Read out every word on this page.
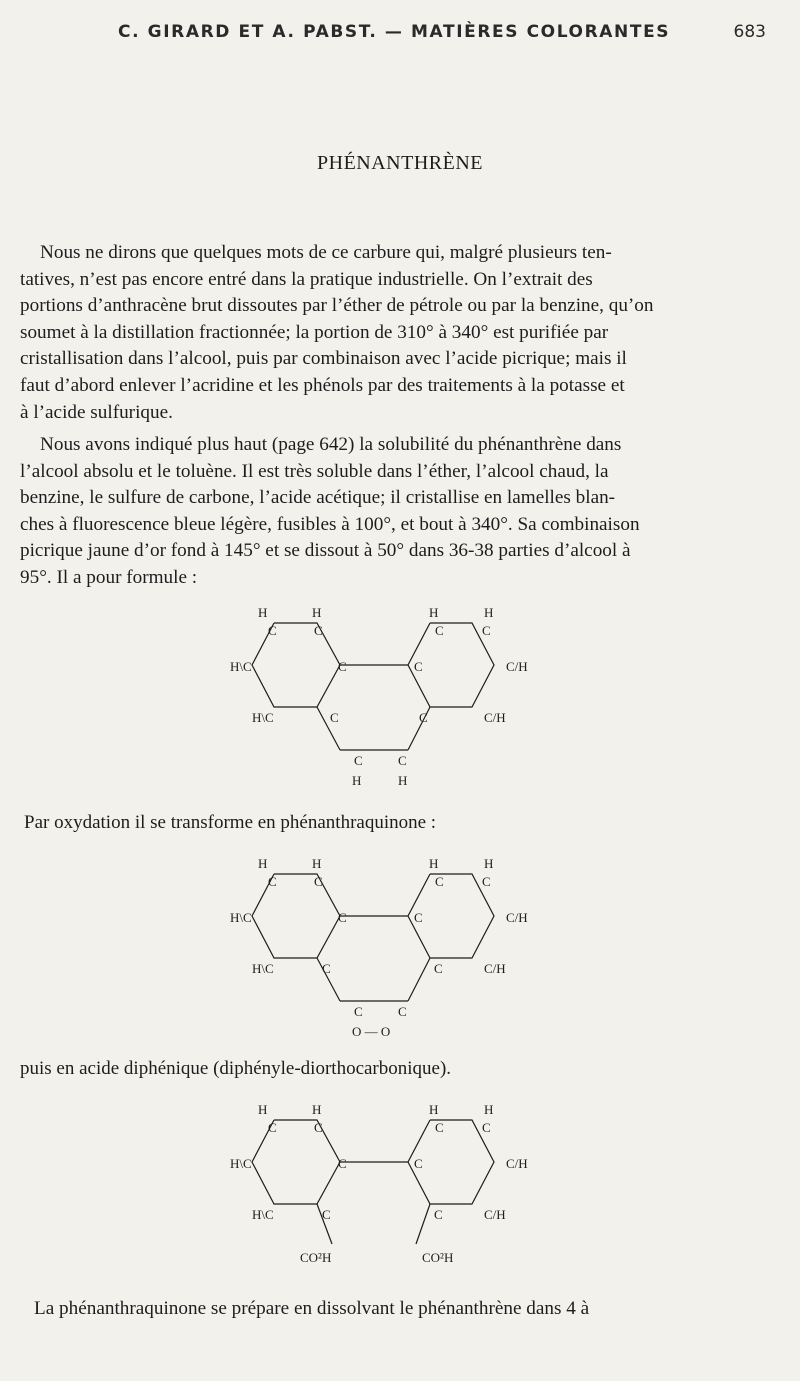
C. GIRARD ET A. PABST. — MATIÈRES COLORANTES	683
PHÉNANTHRÈNE
Nous ne dirons que quelques mots de ce carbure qui, malgré plusieurs ten-
tatives, n’est pas encore entré dans la pratique industrielle. On l’extrait des
portions d’anthracène brut dissoutes par l’éther de pétrole ou par la benzine, qu’on
soumet à la distillation fractionnée; la portion de 310° à 340° est purifiée par
cristallisation dans l’alcool, puis par combinaison avec l’acide picrique; mais il
faut d’abord enlever l’acridine et les phénols par des traitements à la potasse et
à l’acide sulfurique.
Nous avons indiqué plus haut (page 642) la solubilité du phénanthrène dans
l’alcool absolu et le toluène. Il est très soluble dans l’éther, l’alcool chaud, la
benzine, le sulfure de carbone, l’acide acétique; il cristallise en lamelles blan-
ches à fluorescence bleue légère, fusibles à 100°, et bout à 340°. Sa combinaison
picrique jaune d’or fond à 145° et se dissout à 50° dans 36-38 parties d’alcool à
95°. Il a pour formule :
H	H
C	C
H\C	C
H\C	C
H	H
C	C
C	C/H
C	C/H
C	C
H	H
Par oxydation il se transforme en phénanthraquinone :
H	H
C	C
H\C	C
H\C	C
H	H
C	C
C	C/H
C	C/H
C	C
O — O
puis en acide diphénique (diphényle-diorthocarbonique).
H	H
C	C
H\C	C
H\C	C
H	H
C	C
C	C/H
C	C/H
CO²H	CO²H
La phénanthraquinone se prépare en dissolvant le phénanthrène dans 4 à
